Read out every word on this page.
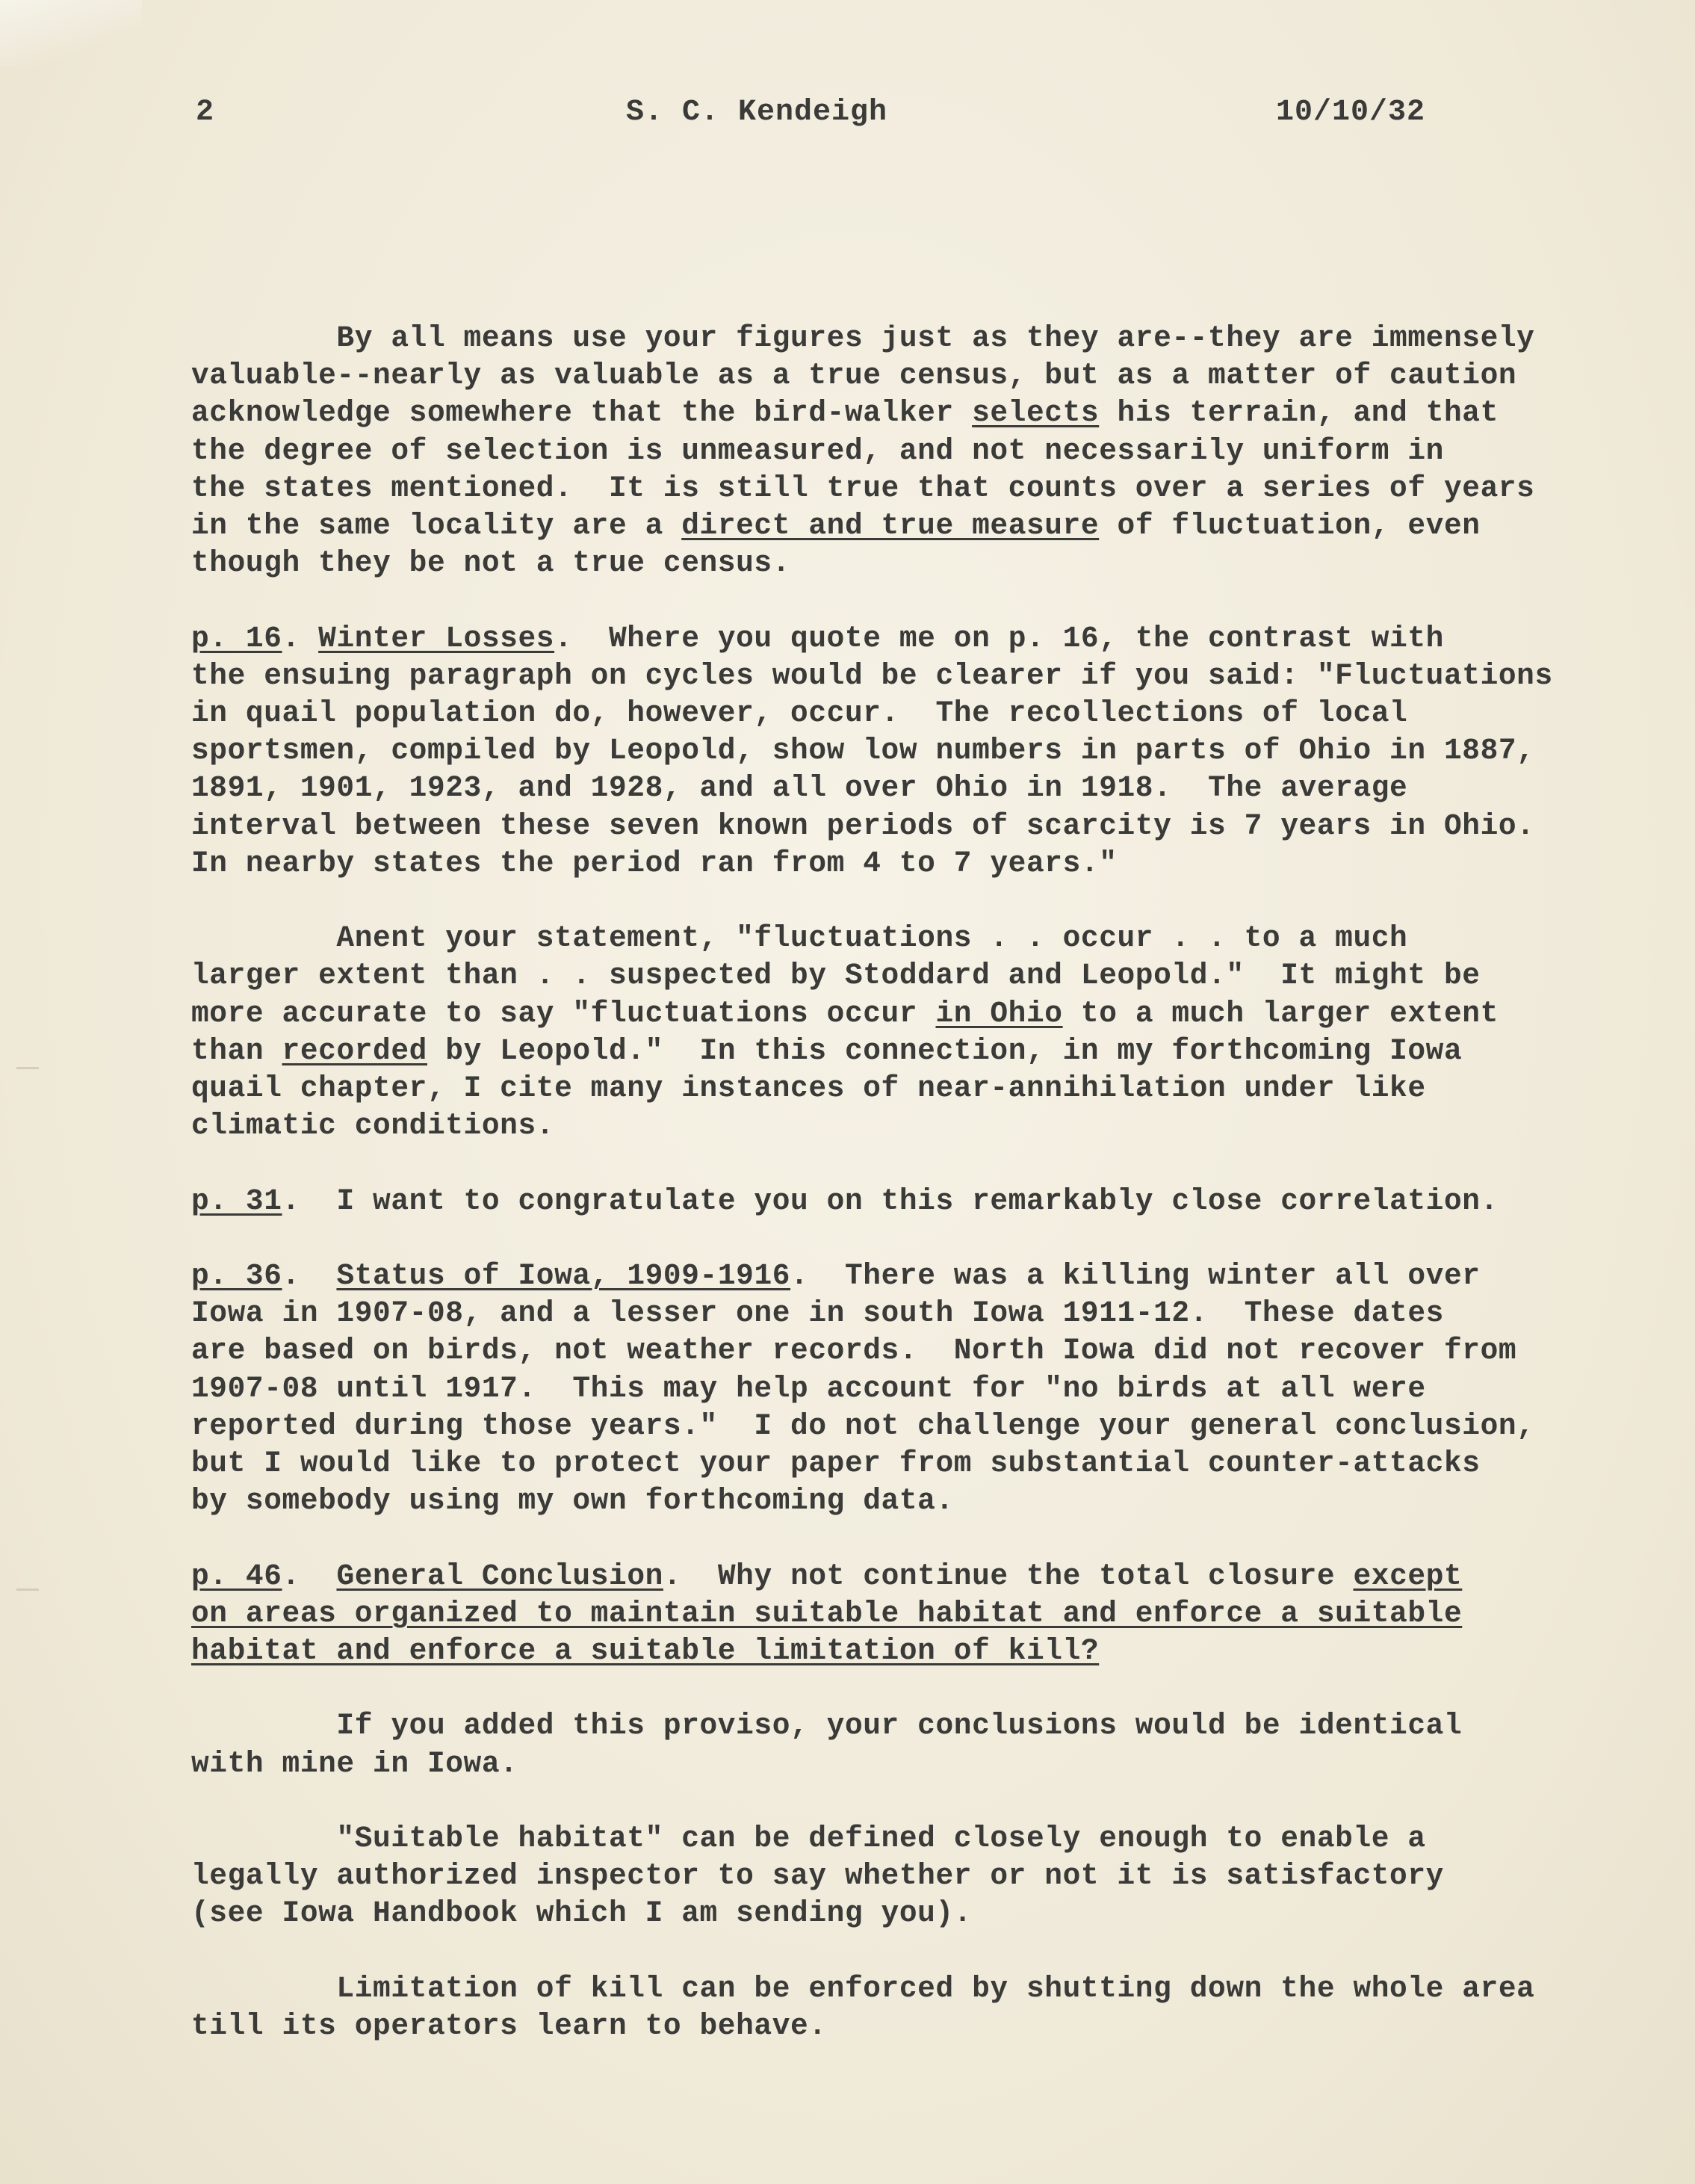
2	S. C. Kendeigh	10/10/32
By all means use your figures just as they are--they are immensely
valuable--nearly as valuable as a true census, but as a matter of caution
acknowledge somewhere that the bird-walker selects his terrain, and that
the degree of selection is unmeasured, and not necessarily uniform in
the states mentioned.  It is still true that counts over a series of years
in the same locality are a direct and true measure of fluctuation, even
though they be not a true census.
p. 16. Winter Losses.  Where you quote me on p. 16, the contrast with
the ensuing paragraph on cycles would be clearer if you said: "Fluctuations
in quail population do, however, occur.  The recollections of local
sportsmen, compiled by Leopold, show low numbers in parts of Ohio in 1887,
1891, 1901, 1923, and 1928, and all over Ohio in 1918.  The average
interval between these seven known periods of scarcity is 7 years in Ohio.
In nearby states the period ran from 4 to 7 years."
Anent your statement, "fluctuations . . occur . . to a much
larger extent than . . suspected by Stoddard and Leopold."  It might be
more accurate to say "fluctuations occur in Ohio to a much larger extent
than recorded by Leopold."  In this connection, in my forthcoming Iowa
quail chapter, I cite many instances of near-annihilation under like
climatic conditions.
p. 31.  I want to congratulate you on this remarkably close correlation.
p. 36.  Status of Iowa, 1909-1916.  There was a killing winter all over
Iowa in 1907-08, and a lesser one in south Iowa 1911-12.  These dates
are based on birds, not weather records.  North Iowa did not recover from
1907-08 until 1917.  This may help account for "no birds at all were
reported during those years."  I do not challenge your general conclusion,
but I would like to protect your paper from substantial counter-attacks
by somebody using my own forthcoming data.
p. 46.  General Conclusion.  Why not continue the total closure except
on areas organized to maintain suitable habitat and enforce a suitable
habitat and enforce a suitable limitation of kill?
If you added this proviso, your conclusions would be identical
with mine in Iowa.
"Suitable habitat" can be defined closely enough to enable a
legally authorized inspector to say whether or not it is satisfactory
(see Iowa Handbook which I am sending you).
Limitation of kill can be enforced by shutting down the whole area
till its operators learn to behave.
